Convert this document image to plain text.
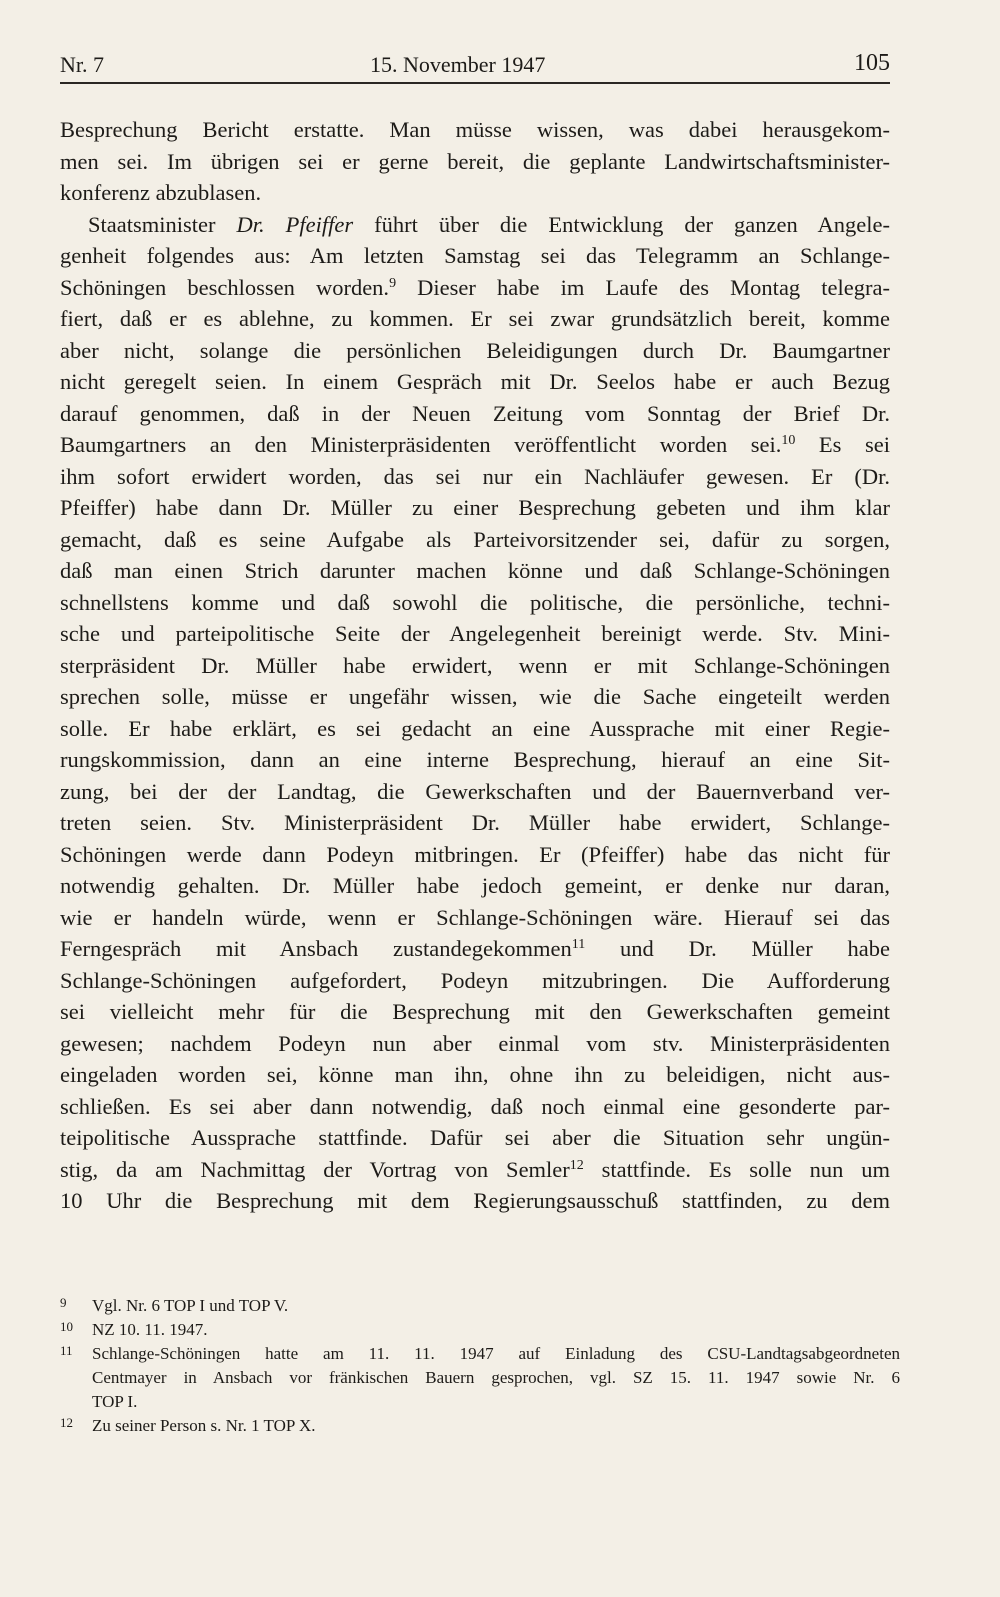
Nr. 7	15. November 1947	105
Besprechung Bericht erstatte. Man müsse wissen, was dabei herausgekom-
men sei. Im übrigen sei er gerne bereit, die geplante Landwirtschaftsminister-
konferenz abzublasen.
Staatsminister Dr. Pfeiffer führt über die Entwicklung der ganzen Angele-
genheit folgendes aus: Am letzten Samstag sei das Telegramm an Schlange-
Schöningen beschlossen worden.$^9$ Dieser habe im Laufe des Montag telegra-
fiert, daß er es ablehne, zu kommen. Er sei zwar grundsätzlich bereit, komme
aber nicht, solange die persönlichen Beleidigungen durch Dr. Baumgartner
nicht geregelt seien. In einem Gespräch mit Dr. Seelos habe er auch Bezug
darauf genommen, daß in der Neuen Zeitung vom Sonntag der Brief Dr.
Baumgartners an den Ministerpräsidenten veröffentlicht worden sei.$^{10}$ Es sei
ihm sofort erwidert worden, das sei nur ein Nachläufer gewesen. Er (Dr.
Pfeiffer) habe dann Dr. Müller zu einer Besprechung gebeten und ihm klar
gemacht, daß es seine Aufgabe als Parteivorsitzender sei, dafür zu sorgen,
daß man einen Strich darunter machen könne und daß Schlange-Schöningen
schnellstens komme und daß sowohl die politische, die persönliche, techni-
sche und parteipolitische Seite der Angelegenheit bereinigt werde. Stv. Mini-
sterpräsident Dr. Müller habe erwidert, wenn er mit Schlange-Schöningen
sprechen solle, müsse er ungefähr wissen, wie die Sache eingeteilt werden
solle. Er habe erklärt, es sei gedacht an eine Aussprache mit einer Regie-
rungskommission, dann an eine interne Besprechung, hierauf an eine Sit-
zung, bei der der Landtag, die Gewerkschaften und der Bauernverband ver-
treten seien. Stv. Ministerpräsident Dr. Müller habe erwidert, Schlange-
Schöningen werde dann Podeyn mitbringen. Er (Pfeiffer) habe das nicht für
notwendig gehalten. Dr. Müller habe jedoch gemeint, er denke nur daran,
wie er handeln würde, wenn er Schlange-Schöningen wäre. Hierauf sei das
Ferngespräch mit Ansbach zustandegekommen$^{11}$ und Dr. Müller habe
Schlange-Schöningen aufgefordert, Podeyn mitzubringen. Die Aufforderung
sei vielleicht mehr für die Besprechung mit den Gewerkschaften gemeint
gewesen; nachdem Podeyn nun aber einmal vom stv. Ministerpräsidenten
eingeladen worden sei, könne man ihn, ohne ihn zu beleidigen, nicht aus-
schließen. Es sei aber dann notwendig, daß noch einmal eine gesonderte par-
teipolitische Aussprache stattfinde. Dafür sei aber die Situation sehr ungün-
stig, da am Nachmittag der Vortrag von Semler$^{12}$ stattfinde. Es solle nun um
10 Uhr die Besprechung mit dem Regierungsausschuß stattfinden, zu dem
9	Vgl. Nr. 6 TOP I und TOP V.
10	NZ 10. 11. 1947.
11	Schlange-Schöningen hatte am 11. 11. 1947 auf Einladung des CSU-Landtagsabgeordneten
Centmayer in Ansbach vor fränkischen Bauern gesprochen, vgl. SZ 15. 11. 1947 sowie Nr. 6
TOP I.
12	Zu seiner Person s. Nr. 1 TOP X.
